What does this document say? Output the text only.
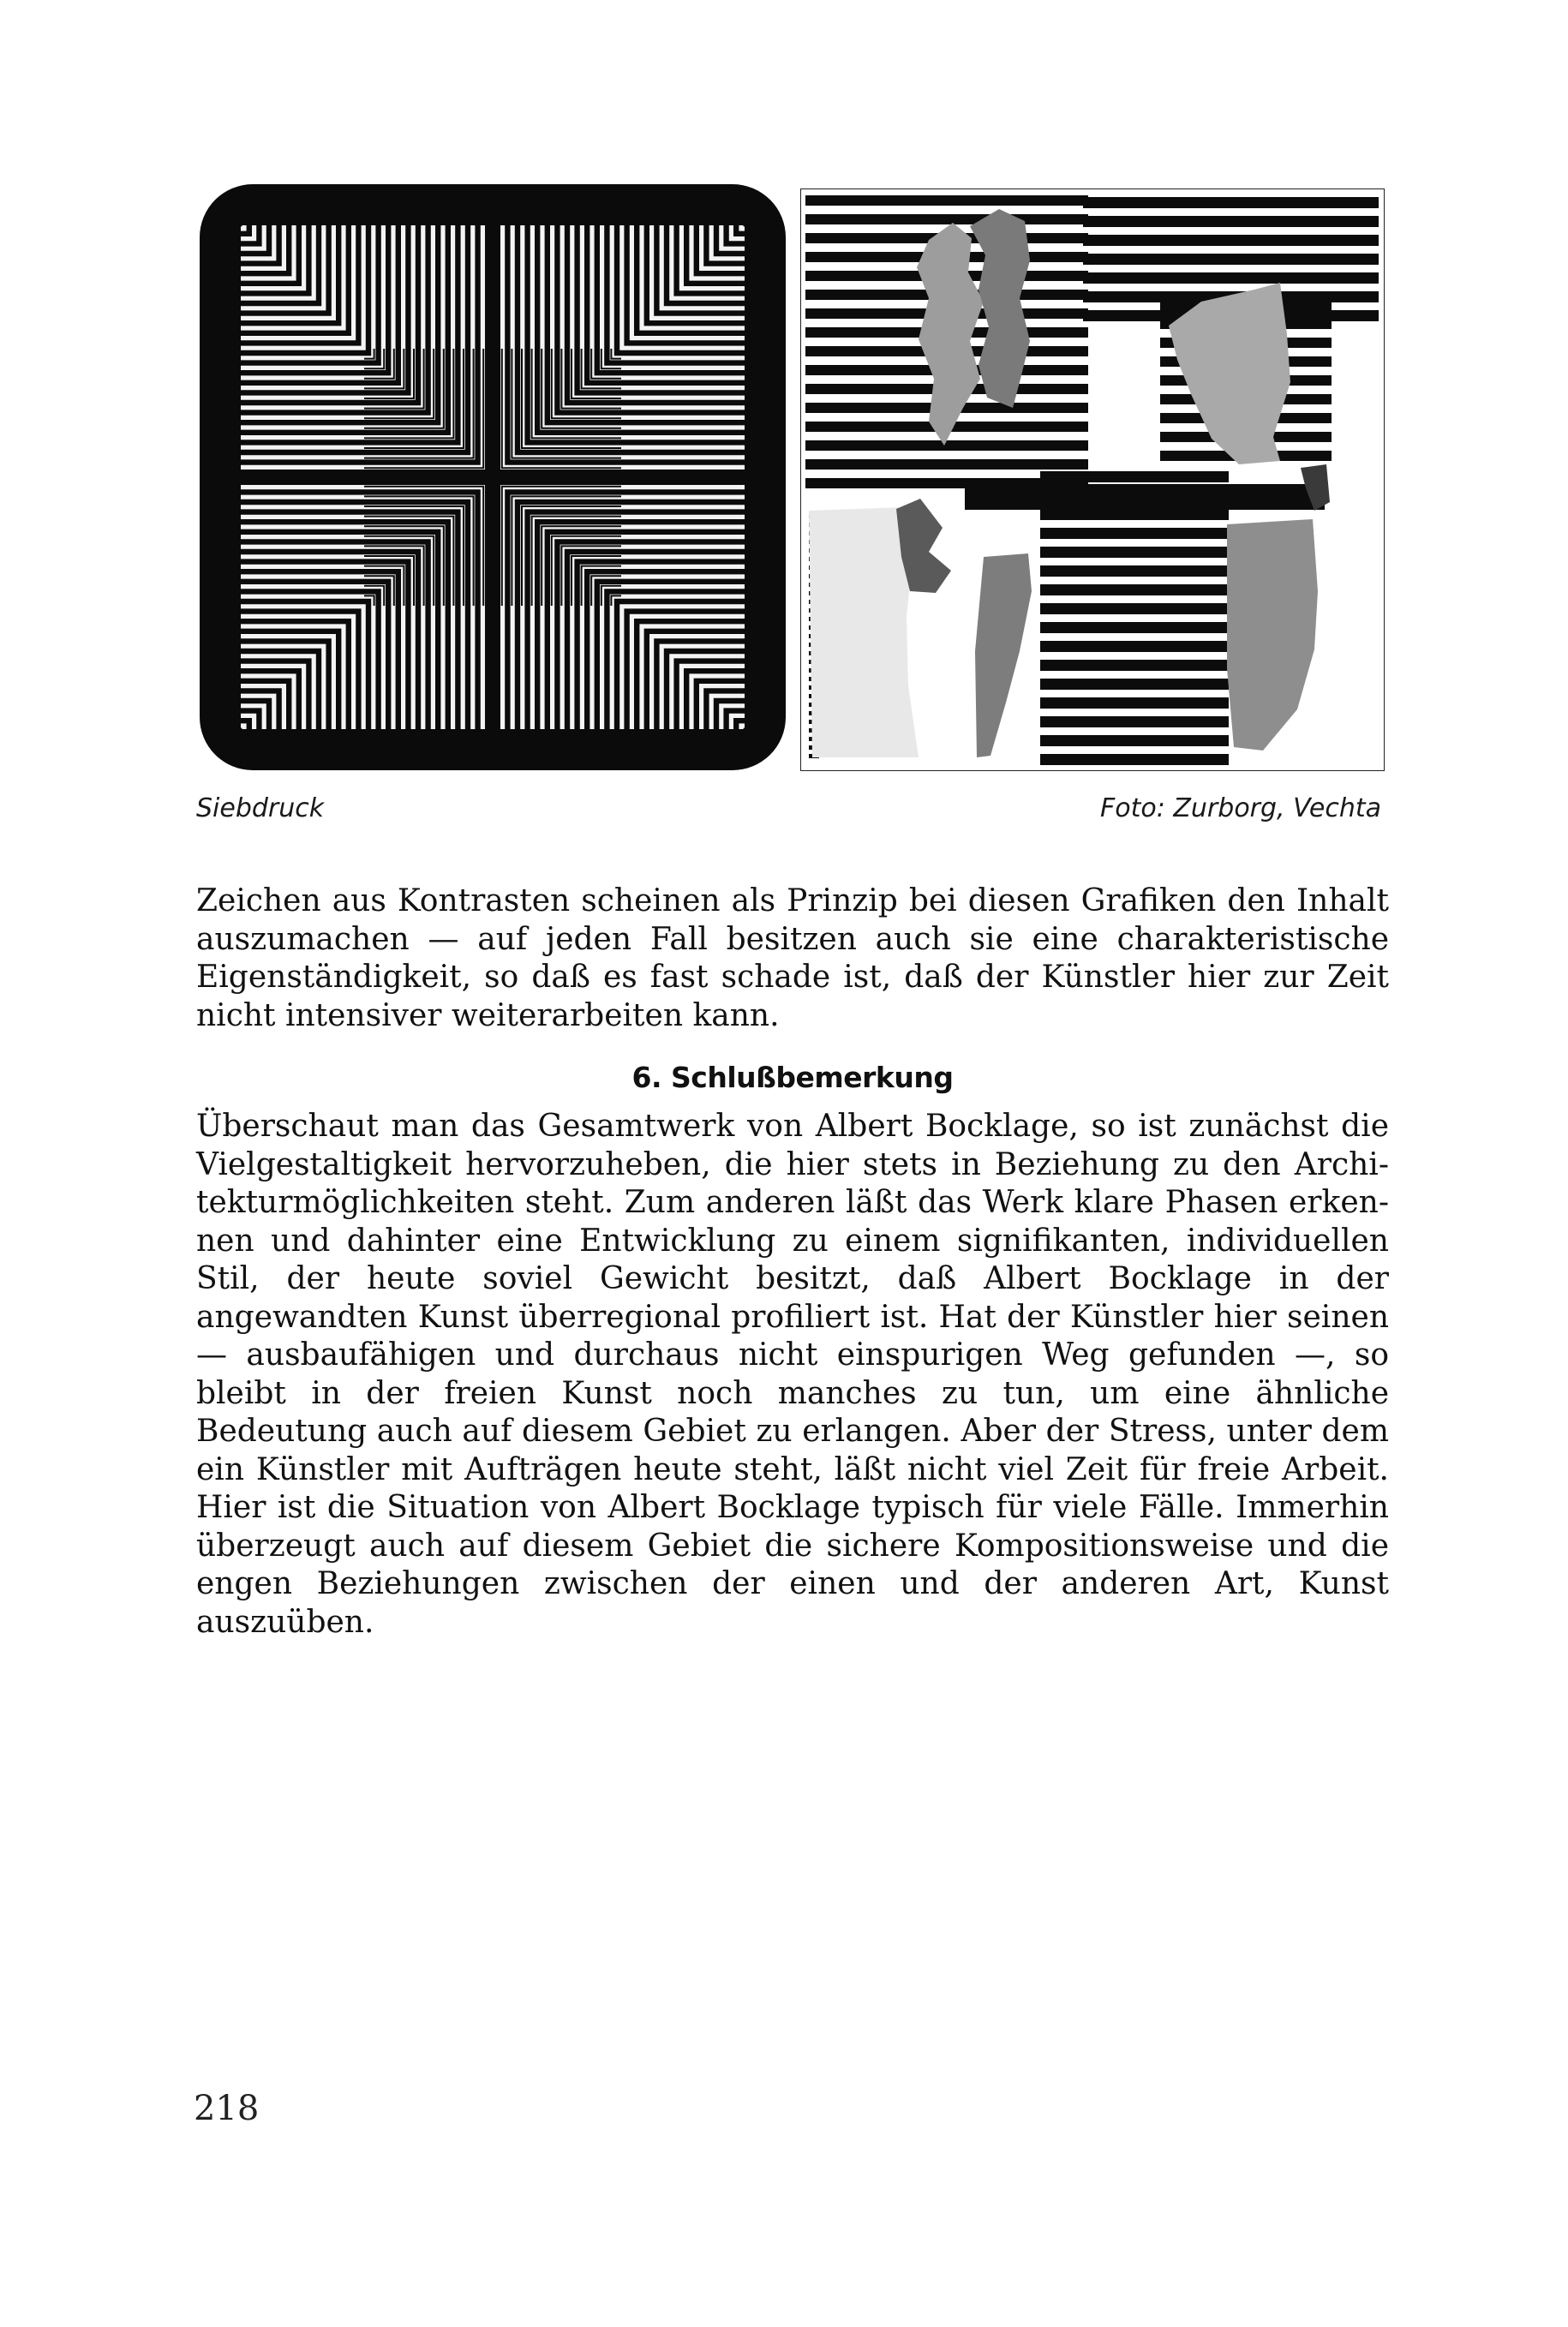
Siebdruck	Foto: Zurborg, Vechta

Zeichen aus Kontrasten scheinen als Prinzip bei diesen Grafiken den Inhalt auszumachen — auf jeden Fall besitzen auch sie eine charakteristische Eigenständigkeit, so daß es fast schade ist, daß der Künstler hier zur Zeit nicht intensiver weiterarbeiten kann.

6. Schlußbemerkung

Überschaut man das Gesamtwerk von Albert Bocklage, so ist zunächst die Vielgestaltigkeit hervorzuheben, die hier stets in Beziehung zu den Architekturmöglichkeiten steht. Zum anderen läßt das Werk klare Phasen erkennen und dahinter eine Entwicklung zu einem signifikanten, individuellen Stil, der heute soviel Gewicht besitzt, daß Albert Bocklage in der angewandten Kunst überregional profiliert ist. Hat der Künstler hier seinen — ausbaufähigen und durchaus nicht einspurigen Weg gefunden —, so bleibt in der freien Kunst noch manches zu tun, um eine ähnliche Bedeutung auch auf diesem Gebiet zu erlangen. Aber der Stress, unter dem ein Künstler mit Aufträgen heute steht, läßt nicht viel Zeit für freie Arbeit. Hier ist die Situation von Albert Bocklage typisch für viele Fälle. Immerhin überzeugt auch auf diesem Gebiet die sichere Kompositionsweise und die engen Beziehungen zwischen der einen und der anderen Art, Kunst auszuüben.

218
